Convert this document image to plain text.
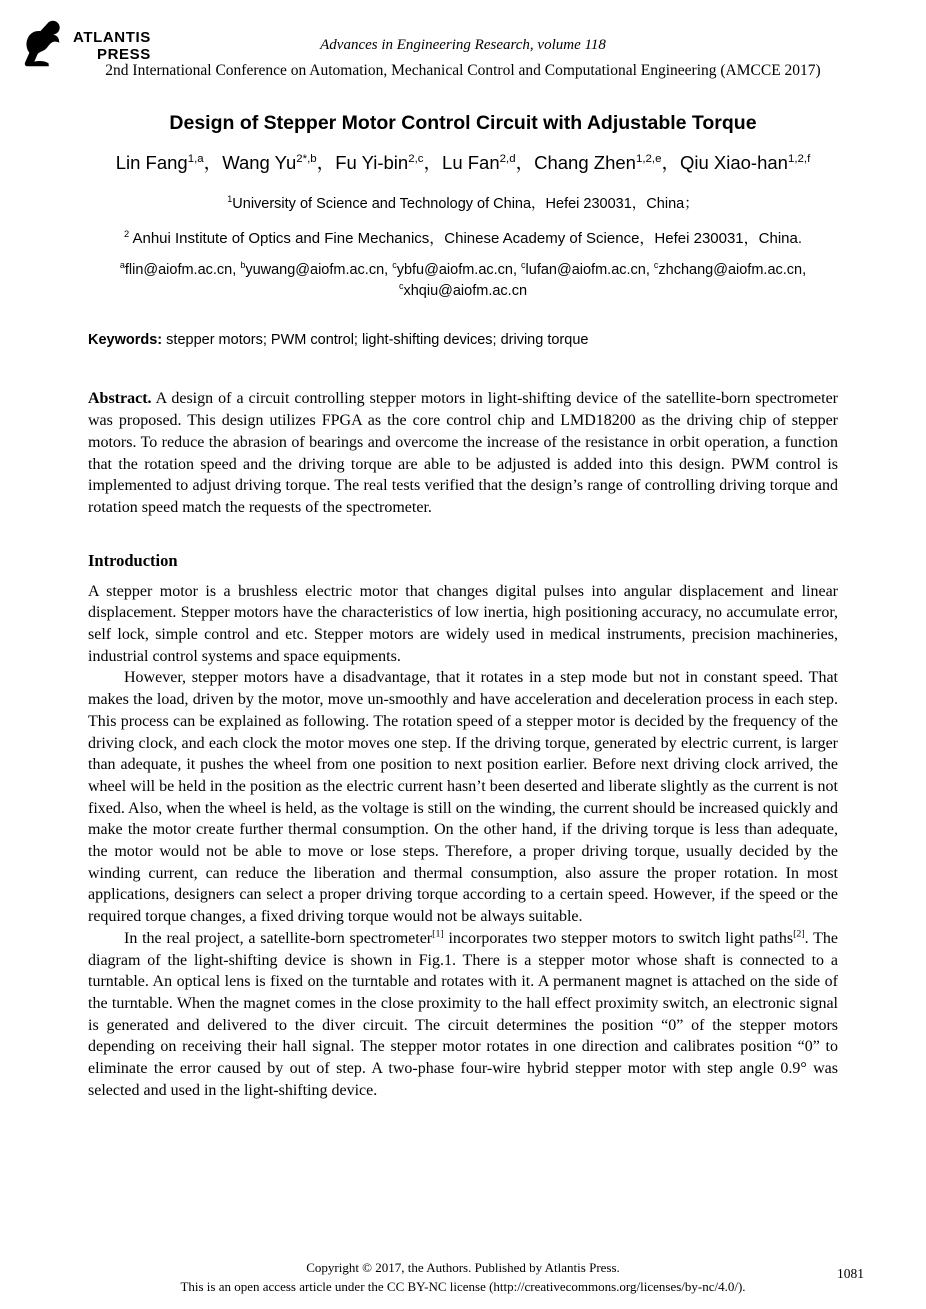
ATLANTIS
PRESS
Advances in Engineering Research, volume 118
2nd International Conference on Automation, Mechanical Control and Computational Engineering (AMCCE 2017)
Design of Stepper Motor Control Circuit with Adjustable Torque
Lin Fang$^{1,a}$，Wang $Yu^{2*,b}$，Fu Yi-bin$^{2,c}$，Lu Fan$^{2,d}$，Chang Zhen$^{1,2,e}$，Qiu Xiao-han$^{1,2,f}$
$^1$University of Science and Technology of China，Hefei 230031，China；
$^2$ Anhui Institute of Optics and Fine Mechanics，Chinese Academy of Science，Hefei 230031，China.
$^a$flin@aiofm.ac.cn, $^b$yuwang@aiofm.ac.cn, $^c$ybfu@aiofm.ac.cn, $^c$lufan@aiofm.ac.cn, $^c$zhchang@aiofm.ac.cn, $^c$xhqiu@aiofm.ac.cn
Keywords: stepper motors; PWM control; light-shifting devices; driving torque
Abstract. A design of a circuit controlling stepper motors in light-shifting device of the satellite-born spectrometer was proposed. This design utilizes FPGA as the core control chip and LMD18200 as the driving chip of stepper motors. To reduce the abrasion of bearings and overcome the increase of the resistance in orbit operation, a function that the rotation speed and the driving torque are able to be adjusted is added into this design. PWM control is implemented to adjust driving torque. The real tests verified that the design’s range of controlling driving torque and rotation speed match the requests of the spectrometer.
Introduction

A stepper motor is a brushless electric motor that changes digital pulses into angular displacement and linear displacement. Stepper motors have the characteristics of low inertia, high positioning accuracy, no accumulate error, self lock, simple control and etc. Stepper motors are widely used in medical instruments, precision machineries, industrial control systems and space equipments.

However, stepper motors have a disadvantage, that it rotates in a step mode but not in constant speed. That makes the load, driven by the motor, move un-smoothly and have acceleration and deceleration process in each step. This process can be explained as following. The rotation speed of a stepper motor is decided by the frequency of the driving clock, and each clock the motor moves one step. If the driving torque, generated by electric current, is larger than adequate, it pushes the wheel from one position to next position earlier. Before next driving clock arrived, the wheel will be held in the position as the electric current hasn’t been deserted and liberate slightly as the current is not fixed. Also, when the wheel is held, as the voltage is still on the winding, the current should be increased quickly and make the motor create further thermal consumption. On the other hand, if the driving torque is less than adequate, the motor would not be able to move or lose steps. Therefore, a proper driving torque, usually decided by the winding current, can reduce the liberation and thermal consumption, also assure the proper rotation. In most applications, designers can select a proper driving torque according to a certain speed. However, if the speed or the required torque changes, a fixed driving torque would not be always suitable.

In the real project, a satellite-born spectrometer[1] incorporates two stepper motors to switch light paths[2]. The diagram of the light-shifting device is shown in Fig.1. There is a stepper motor whose shaft is connected to a turntable. An optical lens is fixed on the turntable and rotates with it. A permanent magnet is attached on the side of the turntable. When the magnet comes in the close proximity to the hall effect proximity switch, an electronic signal is generated and delivered to the diver circuit. The circuit determines the position “0” of the stepper motors depending on receiving their hall signal. The stepper motor rotates in one direction and calibrates position “0” to eliminate the error caused by out of step. A two-phase four-wire hybrid stepper motor with step angle 0.9° was selected and used in the light-shifting device.

Copyright © 2017, the Authors. Published by Atlantis Press.
This is an open access article under the CC BY-NC license (http://creativecommons.org/licenses/by-nc/4.0/).
1081
